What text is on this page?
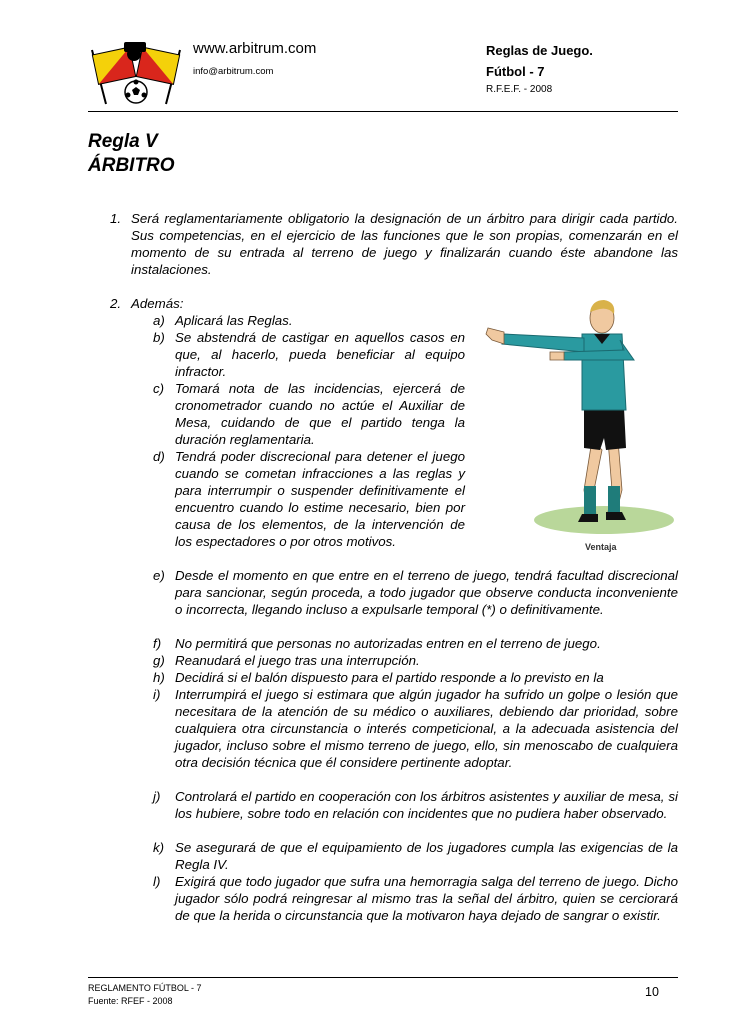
www.arbitrum.com
info@arbitrum.com
Reglas de Juego.
Fútbol - 7
R.F.E.F. - 2008
Regla V
ÁRBITRO
1. Será reglamentariamente obligatorio la designación de un árbitro para dirigir cada partido. Sus competencias, en el ejercicio de las funciones que le son propias, comenzarán en el momento de su entrada al terreno de juego y finalizarán cuando éste abandone las instalaciones.
2. Además:
a) Aplicará las Reglas.
b) Se abstendrá de castigar en aquellos casos en que, al hacerlo, pueda beneficiar al equipo infractor.
c) Tomará nota de las incidencias, ejercerá de cronometrador cuando no actúe el Auxiliar de Mesa, cuidando de que el partido tenga la duración reglamentaria.
d) Tendrá poder discrecional para detener el juego cuando se cometan infracciones a las reglas y para interrumpir o suspender definitivamente el encuentro cuando lo estime necesario, bien por causa de los elementos, de la intervención de los espectadores o por otros motivos.
e) Desde el momento en que entre en el terreno de juego, tendrá facultad discrecional para sancionar, según proceda, a todo jugador que observe conducta inconveniente o incorrecta, llegando incluso a expulsarle temporal (*) o definitivamente.
f) No permitirá que personas no autorizadas entren en el terreno de juego.
g) Reanudará el juego tras una interrupción.
h) Decidirá si el balón dispuesto para el partido responde a lo previsto en la
i) Interrumpirá el juego si estimara que algún jugador ha sufrido un golpe o lesión que necesitara de la atención de su médico o auxiliares, debiendo dar prioridad, sobre cualquiera otra circunstancia o interés competicional, a la adecuada asistencia del jugador, incluso sobre el mismo terreno de juego, ello, sin menoscabo de cualquiera otra decisión técnica que él considere pertinente adoptar.
j) Controlará el partido en cooperación con los árbitros asistentes y auxiliar de mesa, si los hubiere, sobre todo en relación con incidentes que no pudiera haber observado.
k) Se asegurará de que el equipamiento de los jugadores cumpla las exigencias de la Regla IV.
l) Exigirá que todo jugador que sufra una hemorragia salga del terreno de juego. Dicho jugador sólo podrá reingresar al mismo tras la señal del árbitro, quien se cerciorará de que la herida o circunstancia que la motivaron haya dejado de sangrar o existir.
Ventaja
REGLAMENTO FÚTBOL - 7
Fuente: RFEF - 2008
10
